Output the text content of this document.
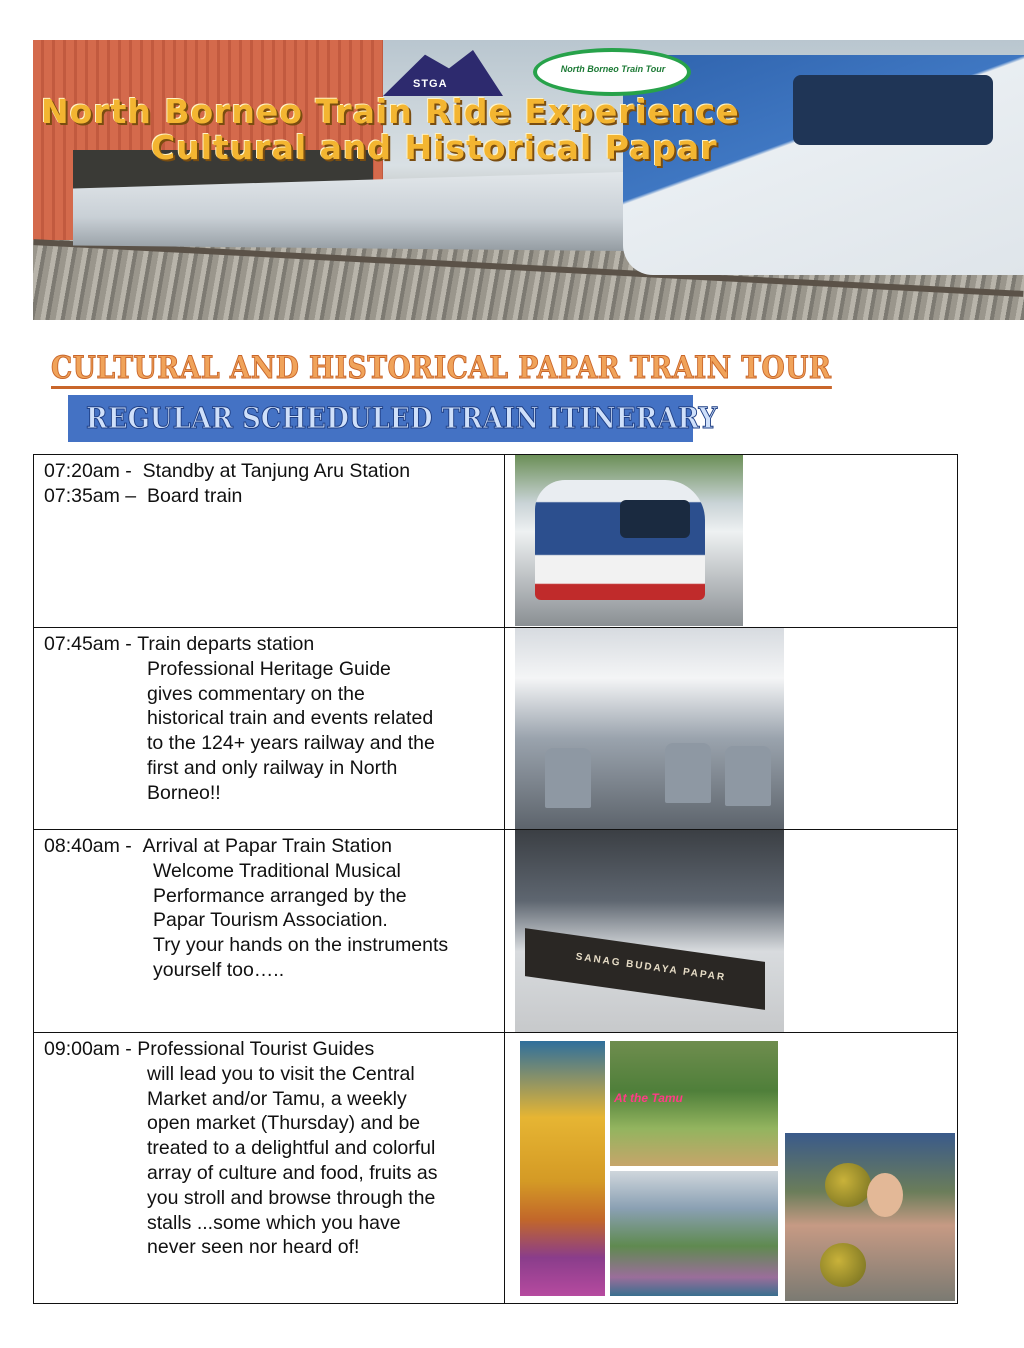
STGA
North Borneo Train Tour
North Borneo Train Ride Experience
Cultural and Historical Papar
CULTURAL AND HISTORICAL PAPAR TRAIN TOUR
REGULAR SCHEDULED TRAIN ITINERARY
07:20am - Standby at Tanjung Aru Station
07:35am – Board train
07:45am - Train departs station
Professional Heritage Guide
gives commentary on the
historical train and events related
to the 124+ years railway and the
first and only railway in North
Borneo!!
08:40am - Arrival at Papar Train Station
Welcome Traditional Musical
Performance arranged by the
Papar Tourism Association.
Try your hands on the instruments
yourself too…..	SANAG BUDAYA PAPAR
09:00am - Professional Tourist Guides
will lead you to visit the Central
Market and/or Tamu, a weekly
open market (Thursday) and be
treated to a delightful and colorful
array of culture and food, fruits as
you stroll and browse through the
stalls ...some which you have
never seen nor heard of!
At the Tamu
